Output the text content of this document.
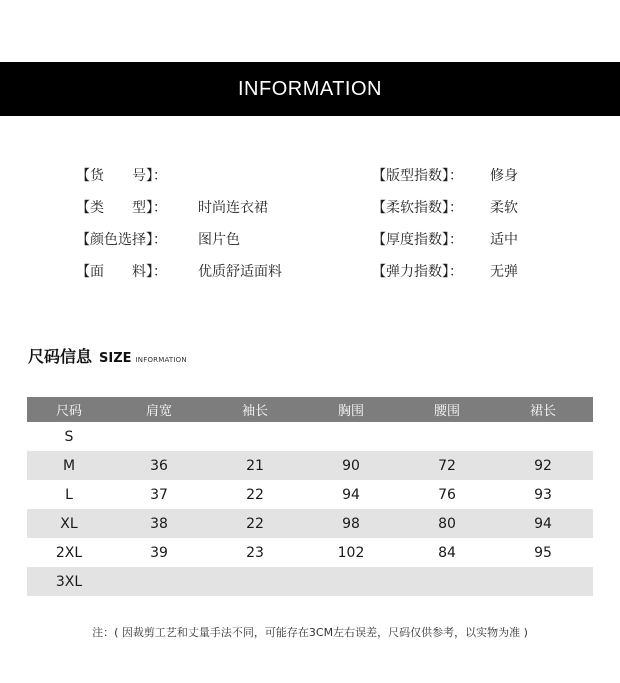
INFORMATION
【货　　号】：
【类　　型】： 时尚连衣裙
【颜色选择】： 图片色
【面　　料】： 优质舒适面料
【版型指数】： 修身
【柔软指数】： 柔软
【厚度指数】： 适中
【弹力指数】： 无弹
尺码信息 SIZE INFORMATION
尺码	肩宽	袖长	胸围	腰围	裙长
S
M	36	21	90	72	92
L	37	22	94	76	93
XL	38	22	98	80	94
2XL	39	23	102	84	95
3XL
注：( 因裁剪工艺和丈量手法不同，可能存在3CM左右误差，尺码仅供参考，以实物为准 )
